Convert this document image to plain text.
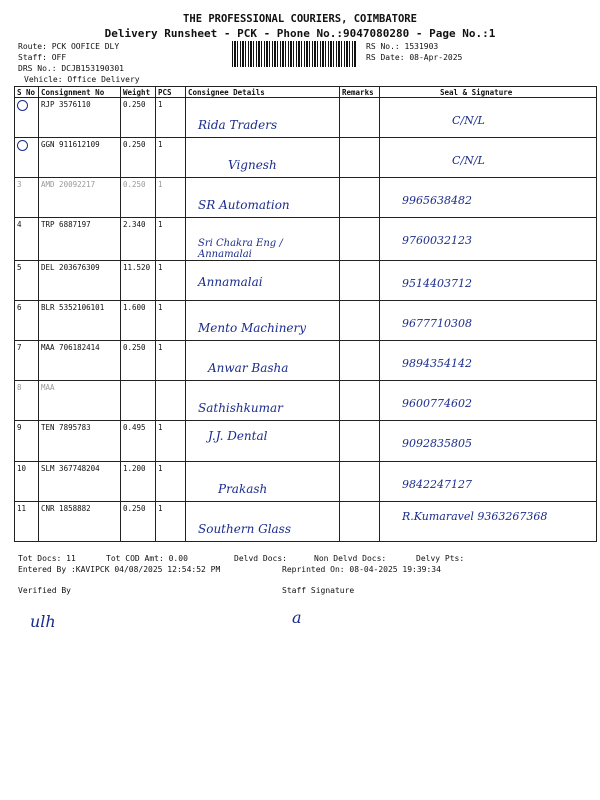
THE PROFESSIONAL COURIERS, COIMBATORE
Delivery Runsheet - PCK - Phone No.:9047080280 - Page No.:1
Route: PCK OOFICE DLY
Staff: OFF
DRS No.: DCJB153190301
Vehicle: Office Delivery
RS No.: 1531903
RS Date: 08-Apr-2025
S No	Consignment No	Weight	PCS	Consignee Details	Remarks	Seal & Signature
	RJP 3576110	0.250	1	Rida Traders		C/N/L

	GGN 911612109	0.250	1	Vignesh		C/N/L

3	AMD 20092217	0.250	1	SR Automation		9965638482

4	TRP 6887197	2.340	1	Sri Chakra Eng / Annamalai		9760032123

5	DEL 203676309	11.520	1	Annamalai		9514403712

6	BLR 5352106101	1.600	1	Mento Machinery		9677710308

7	MAA 706182414	0.250	1	Anwar Basha		9894354142

8	MAA			Sathishkumar		9600774602

9	TEN 7895783	0.495	1	J.J. Dental		9092835805

10	SLM 367748204	1.200	1	Prakash		9842247127

11	CNR 1858882	0.250	1	Southern Glass		R.Kumaravel 9363267368
Tot Docs: 11	Tot COD Amt: 0.00	Delvd Docs:	Non Delvd Docs:	Delvy Pts:
Entered By :KAVIPCK 04/08/2025 12:54:52 PM	Reprinted On: 08-04-2025 19:39:34
Verified By	Staff Signature
ulh	a
